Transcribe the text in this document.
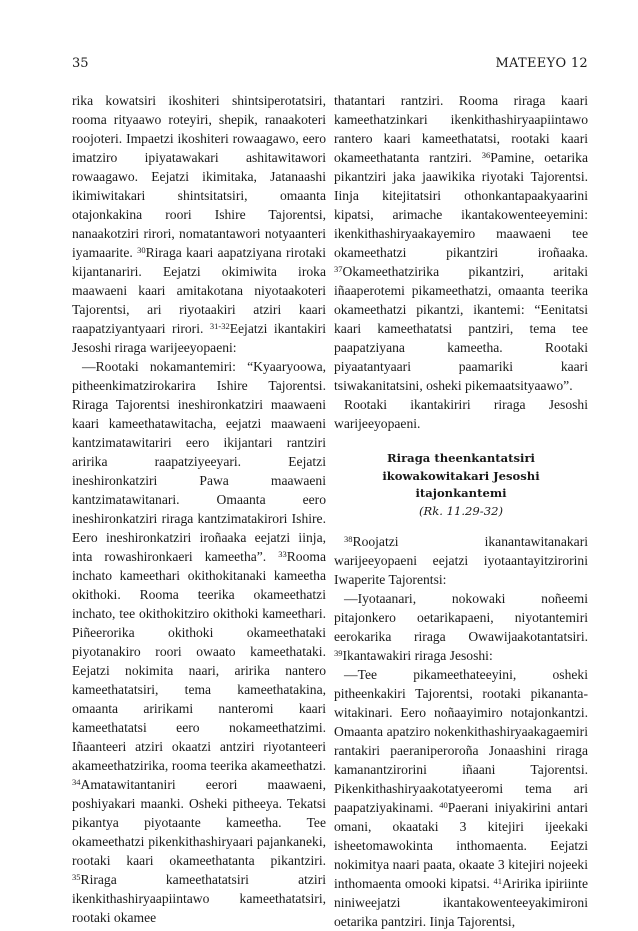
35	MATEEYO 12

rika kowatsiri ikoshiteri shintsiperotatsiri, rooma rityaawo roteyiri, shepik, ranaakoteri roojoteri. Impaetzi ikoshiteri rowaagawo, eero imatziro ipiyatawakari ashitawitawori rowaagawo. Eejatzi ikimitaka, Jatanaashi ikimiwitakari shintsitatsiri, omaanta otajonkakina roori Ishire Tajorentsi, nanaakotziri rirori, nomatantawori notyaanteri iyamaarite. $^{30}$Riraga kaari aapatziyana rirotaki kijantanariri. Eejatzi okimiwita iroka maawaeni kaari amitakotana niyotaakoteri Tajorentsi, ari riyotaakiri atziri kaari raapatziyantyaari rirori. $^{31-32}$Eejatzi ikantakiri Jesoshi riraga warijeeyopaeni:

—Rootaki nokamantemiri: “Kyaaryoowa, pitheenkimatzirokarira Ishire Tajorentsi. Riraga Tajorentsi ineshironkatziri maawaeni kaari kameethatawitacha, eejatzi maawaeni kantzimatawitariri eero ikijantari rantziri aririka raapatziyeeyari. Eejatzi ineshironkatziri Pawa maawaeni kantzimatawitanari. Omaanta eero ineshironkatziri riraga kantzimatakirori Ishire. Eero ineshironkatziri iroñaaka eejatzi iinja, inta rowashironkaeri kameetha”. $^{33}$Rooma inchato kameethari okithokitanaki kameetha okithoki. Rooma teerika okameethatzi inchato, tee okithokitziro okithoki kameethari. Piñeerorika okithoki okameethataki piyotanakiro roori owaato kameethataki. Eejatzi nokimita naari, aririka nantero kameethatatsiri, tema kameethatakina, omaanta aririkami nanteromi kaari kameethatatsi eero nokameethatzimi. Iñaanteeri atziri okaatzi antziri riyotanteeri akameethatzirika, rooma teerika akameethatzi. $^{34}$Amatawitantaniri eerori maawaeni, poshiyakari maanki. Osheki pitheeya. Tekatsi pikantya piyotaante kameetha. Tee okameethatzi pikenkithashiryaari pajankaneki, rootaki kaari okameethatanta pikantziri. $^{35}$Riraga kameethatatsiri atziri ikenkithashiryaapiintawo kameethatatsiri, rootaki okamee

thatantari rantziri. Rooma riraga kaari kameethatzinkari ikenkithashiryaapiintawo rantero kaari kameethatatsi, rootaki kaari okameethatanta rantziri. $^{36}$Pamine, oetarika pikantziri jaka jaawikika riyotaki Tajorentsi. Iinja kitejitatsiri othonkantapaakyaarini kipatsi, arimache ikantakowenteeyemini: ikenkithashiryaakayemiro maawaeni tee okameethatzi pikantziri iroñaaka. $^{37}$Okameethatzirika pikantziri, aritaki iñaaperotemi pikameethatzi, omaanta teerika okameethatzi pikantzi, ikantemi: “Eenitatsi kaari kameethatatsi pantziri, tema tee paapatziyana kameetha. Rootaki piyaatantyaari paamariki kaari tsiwakanitatsini, osheki pikemaatsityaawo”.

Rootaki ikantakiriri riraga Jesoshi warijeeyopaeni.

Riraga theenkantatsiri
ikowakowitakari Jesoshi
itajonkantemi
(Rk. 11.29-32)

$^{38}$Roojatzi ikanantawitanakari warijeeyopaeni eejatzi iyotaantayitzirorini Iwaperite Tajorentsi:

—Iyotaanari, nokowaki noñeemi pitajonkero oetarikapaeni, niyotantemiri eerokarika riraga Owawijaakotantatsiri. $^{39}$Ikantawakiri riraga Jesoshi:

—Tee pikameethateeyini, osheki pitheenkakiri Tajorentsi, rootaki pikanantawitakinari. Eero noñaayimiro notajonkantzi. Omaanta apatziro nokenkithashiryaakagaemiri rantakiri paeraniperoroña Jonaashini riraga kamanantzirorini iñaani Tajorentsi. Pikenkithashiryaakotatyeeromi tema ari paapatziyakinami. $^{40}$Paerani iniyakirini antari omani, okaataki 3 kitejiri ijeekaki isheetomawokinta inthomaenta. Eejatzi nokimitya naari paata, okaate 3 kitejiri nojeeki inthomaenta omooki kipatsi. $^{41}$Aririka ipiriinte niniweejatzi ikantakowenteeyakimironi oetarika pantziri. Iinja Tajorentsi,
